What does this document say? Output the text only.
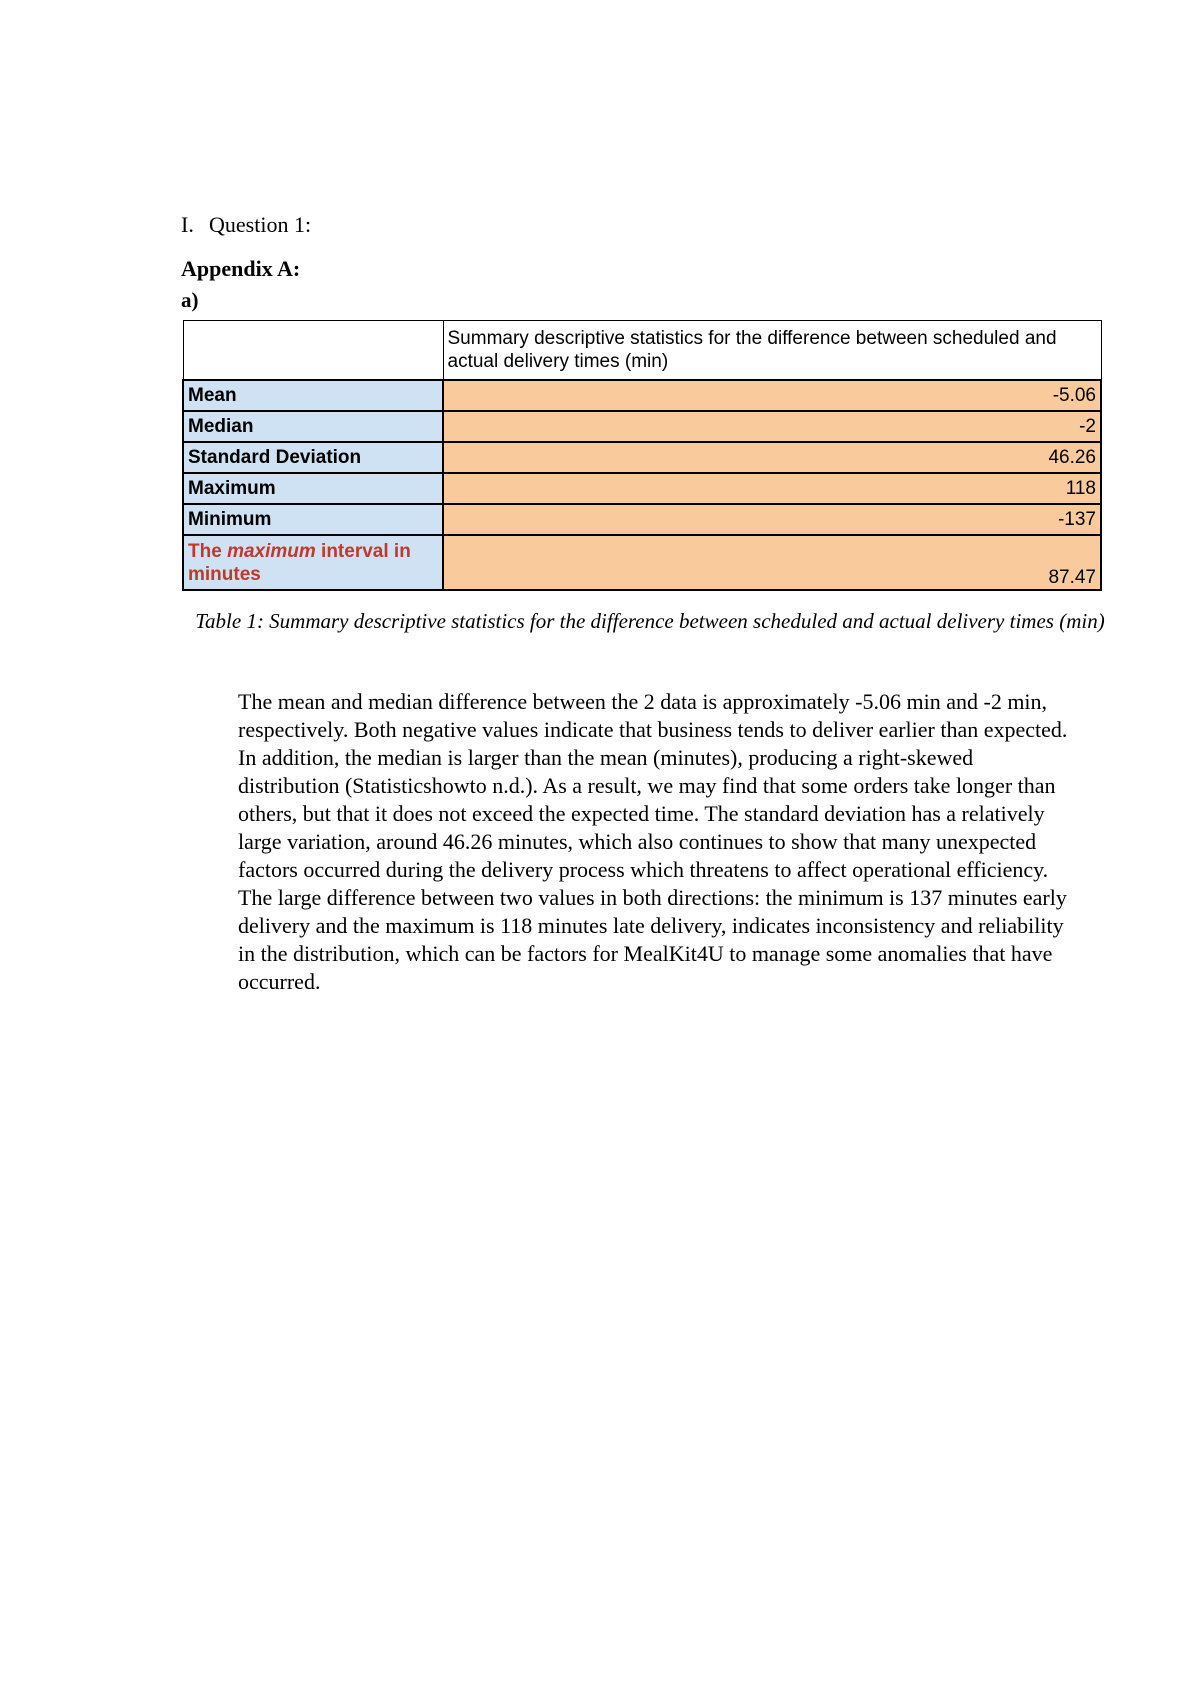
I. Question 1:
Appendix A:
a)
	Summary descriptive statistics for the difference between scheduled and actual delivery times (min)
Mean	-5.06
Median	-2
Standard Deviation	46.26
Maximum	118
Minimum	-137
The maximum interval in minutes	87.47
Table 1: Summary descriptive statistics for the difference between scheduled and actual delivery times (min)

The mean and median difference between the 2 data is approximately -5.06 min and -2 min, respectively. Both negative values indicate that business tends to deliver earlier than expected. In addition, the median is larger than the mean (minutes), producing a right-skewed distribution (Statisticshowto n.d.). As a result, we may find that some orders take longer than others, but that it does not exceed the expected time. The standard deviation has a relatively large variation, around 46.26 minutes, which also continues to show that many unexpected factors occurred during the delivery process which threatens to affect operational efficiency.

The large difference between two values in both directions: the minimum is 137 minutes early delivery and the maximum is 118 minutes late delivery, indicates inconsistency and reliability in the distribution, which can be factors for MealKit4U to manage some anomalies that have occurred.
